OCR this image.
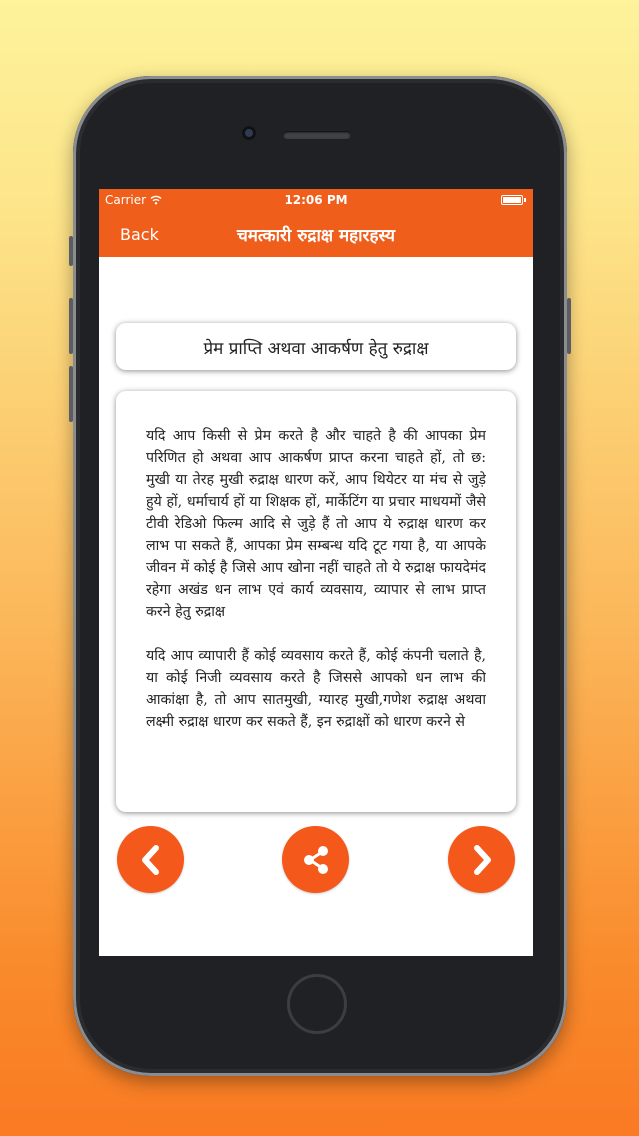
Carrier	12:06 PM
Back	चमत्कारी रुद्राक्ष महारहस्य
प्रेम प्राप्ति अथवा आकर्षण हेतु रुद्राक्ष

यदि आप किसी से प्रेम करते है और चाहते है की आपका प्रेम परिणित हो अथवा आप आकर्षण प्राप्त करना चाहते हों, तो छ: मुखी या तेरह मुखी रुद्राक्ष धारण करें, आप थियेटर या मंच से जुड़े हुये हों, धर्माचार्य हों या शिक्षक हों, मार्केटिंग या प्रचार माधयमों जैसे टीवी रेडिओ फिल्म आदि से जुड़े हैं तो आप ये रुद्राक्ष धारण कर लाभ पा सकते हैं, आपका प्रेम सम्बन्ध यदि टूट गया है, या आपके जीवन में कोई है जिसे आप खोना नहीं चाहते तो ये रुद्राक्ष फायदेमंद रहेगा अखंड धन लाभ एवं कार्य व्यवसाय, व्यापार से लाभ प्राप्त करने हेतु रुद्राक्ष

यदि आप व्यापारी हैं कोई व्यवसाय करते हैं, कोई कंपनी चलाते है, या कोई निजी व्यवसाय करते है जिससे आपको धन लाभ की आकांक्षा है, तो आप सातमुखी, ग्यारह मुखी,गणेश रुद्राक्ष अथवा लक्ष्मी रुद्राक्ष धारण कर सकते हैं, इन रुद्राक्षों को धारण करने से
